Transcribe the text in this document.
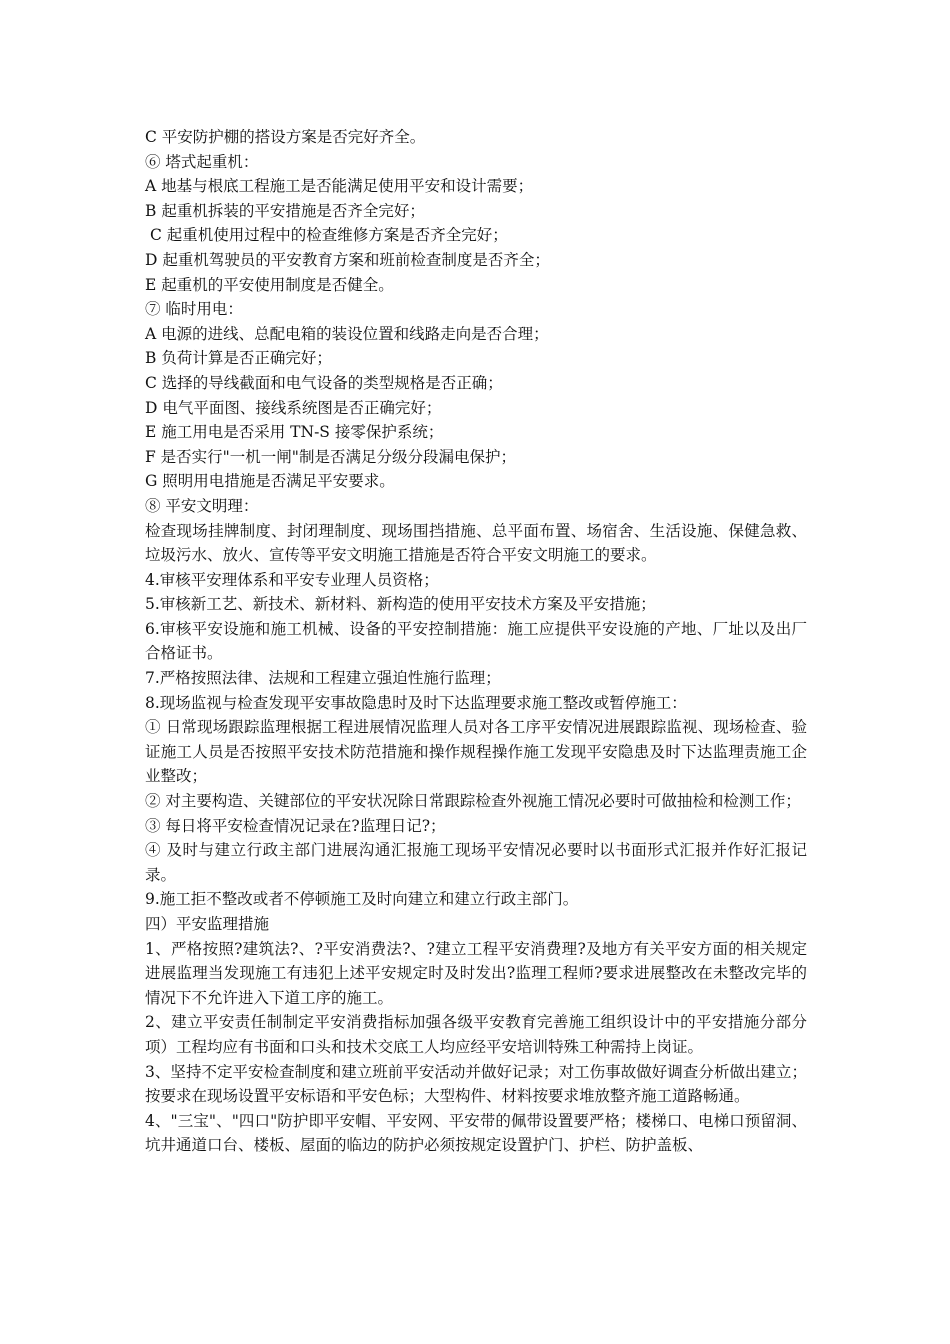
C 平安防护棚的搭设方案是否完好齐全。

⑥ 塔式起重机：

A 地基与根底工程施工是否能满足使用平安和设计需要；

B 起重机拆装的平安措施是否齐全完好；

C 起重机使用过程中的检查维修方案是否齐全完好；

D 起重机驾驶员的平安教育方案和班前检查制度是否齐全；

E 起重机的平安使用制度是否健全。

⑦ 临时用电：

A 电源的进线、总配电箱的装设位置和线路走向是否合理；

B 负荷计算是否正确完好；

C 选择的导线截面和电气设备的类型规格是否正确；

D 电气平面图、接线系统图是否正确完好；

E 施工用电是否采用 TN-S 接零保护系统；

F 是否实行"一机一闸"制是否满足分级分段漏电保护；

G 照明用电措施是否满足平安要求。

⑧ 平安文明理：

检查现场挂牌制度、封闭理制度、现场围挡措施、总平面布置、场宿舍、生活设施、保健急救、垃圾污水、放火、宣传等平安文明施工措施是否符合平安文明施工的要求。

4.审核平安理体系和平安专业理人员资格；

5.审核新工艺、新技术、新材料、新构造的使用平安技术方案及平安措施；

6.审核平安设施和施工机械、设备的平安控制措施：施工应提供平安设施的产地、厂址以及出厂合格证书。

7.严格按照法律、法规和工程建立强迫性施行监理；

8.现场监视与检查发现平安事故隐患时及时下达监理要求施工整改或暂停施工：

① 日常现场跟踪监理根据工程进展情况监理人员对各工序平安情况进展跟踪监视、现场检查、验证施工人员是否按照平安技术防范措施和操作规程操作施工发现平安隐患及时下达监理责施工企业整改；

② 对主要构造、关键部位的平安状况除日常跟踪检查外视施工情况必要时可做抽检和检测工作；

③ 每日将平安检查情况记录在?监理日记?；

④ 及时与建立行政主部门进展沟通汇报施工现场平安情况必要时以书面形式汇报并作好汇报记录。

9.施工拒不整改或者不停顿施工及时向建立和建立行政主部门。

四）平安监理措施

1、严格按照?建筑法?、?平安消费法?、?建立工程平安消费理?及地方有关平安方面的相关规定进展监理当发现施工有违犯上述平安规定时及时发出?监理工程师?要求进展整改在未整改完毕的情况下不允许进入下道工序的施工。

2、建立平安责任制制定平安消费指标加强各级平安教育完善施工组织设计中的平安措施分部分项）工程均应有书面和口头和技术交底工人均应经平安培训特殊工种需持上岗证。

3、坚持不定平安检查制度和建立班前平安活动并做好记录；对工伤事故做好调查分析做出建立；按要求在现场设置平安标语和平安色标；大型构件、材料按要求堆放整齐施工道路畅通。

4、"三宝"、"四口"防护即平安帽、平安网、平安带的佩带设置要严格；楼梯口、电梯口预留洞、坑井通道口台、楼板、屋面的临边的防护必须按规定设置护门、护栏、防护盖板、
